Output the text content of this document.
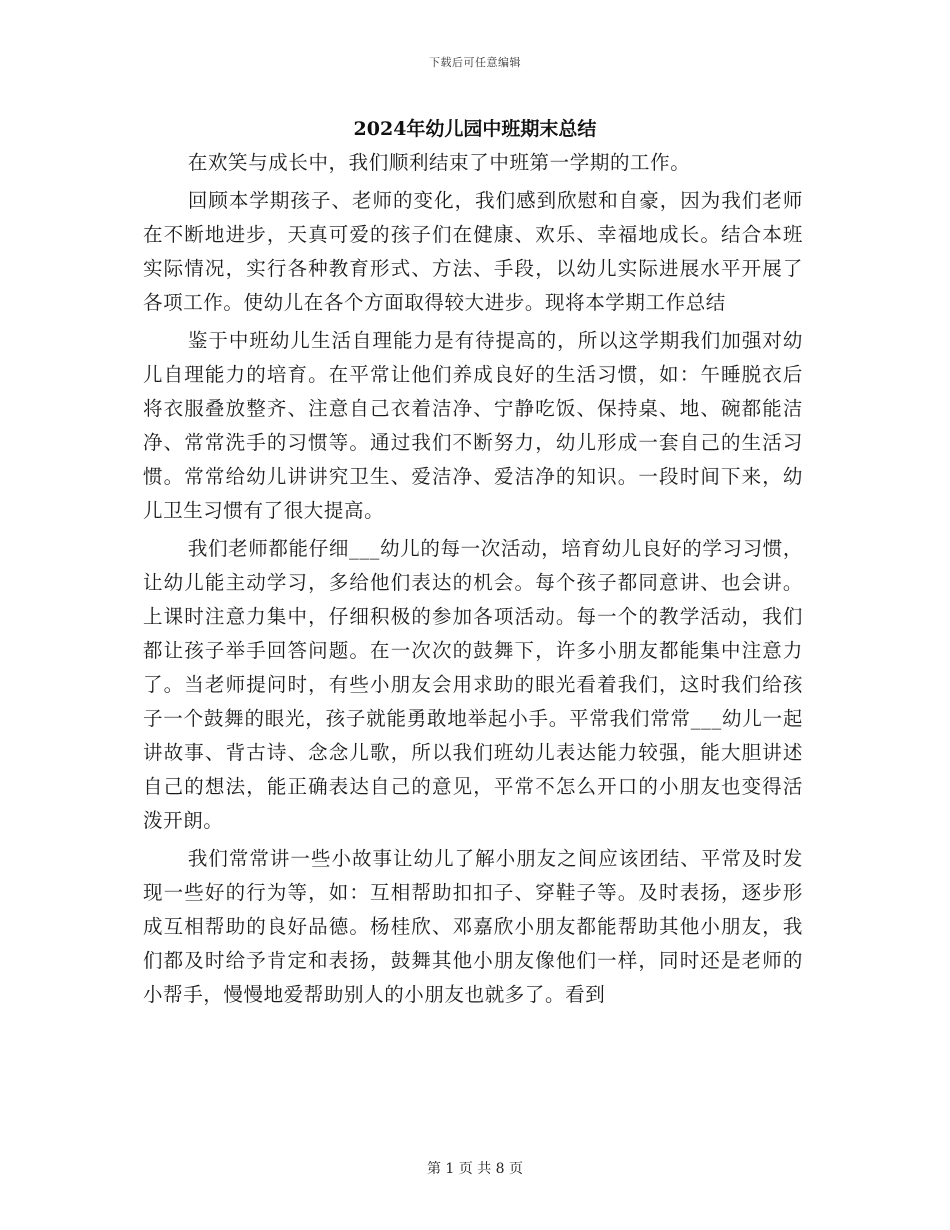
下载后可任意编辑
2024年幼儿园中班期末总结

在欢笑与成长中，我们顺利结束了中班第一学期的工作。

回顾本学期孩子、老师的变化，我们感到欣慰和自豪，因为我们老师在不断地进步，天真可爱的孩子们在健康、欢乐、幸福地成长。结合本班实际情况，实行各种教育形式、方法、手段，以幼儿实际进展水平开展了各项工作。使幼儿在各个方面取得较大进步。现将本学期工作总结

鉴于中班幼儿生活自理能力是有待提高的，所以这学期我们加强对幼儿自理能力的培育。在平常让他们养成良好的生活习惯，如：午睡脱衣后将衣服叠放整齐、注意自己衣着洁净、宁静吃饭、保持桌、地、碗都能洁净、常常洗手的习惯等。通过我们不断努力，幼儿形成一套自己的生活习惯。常常给幼儿讲讲究卫生、爱洁净、爱洁净的知识。一段时间下来，幼儿卫生习惯有了很大提高。

我们老师都能仔细___幼儿的每一次活动，培育幼儿良好的学习习惯，让幼儿能主动学习，多给他们表达的机会。每个孩子都同意讲、也会讲。上课时注意力集中，仔细积极的参加各项活动。每一个的教学活动，我们都让孩子举手回答问题。在一次次的鼓舞下，许多小朋友都能集中注意力了。当老师提问时，有些小朋友会用求助的眼光看着我们，这时我们给孩子一个鼓舞的眼光，孩子就能勇敢地举起小手。平常我们常常___幼儿一起讲故事、背古诗、念念儿歌，所以我们班幼儿表达能力较强，能大胆讲述自己的想法，能正确表达自己的意见，平常不怎么开口的小朋友也变得活泼开朗。

我们常常讲一些小故事让幼儿了解小朋友之间应该团结、平常及时发现一些好的行为等，如：互相帮助扣扣子、穿鞋子等。及时表扬，逐步形成互相帮助的良好品德。杨桂欣、邓嘉欣小朋友都能帮助其他小朋友，我们都及时给予肯定和表扬，鼓舞其他小朋友像他们一样，同时还是老师的小帮手，慢慢地爱帮助别人的小朋友也就多了。看到

第 1 页 共 8 页
